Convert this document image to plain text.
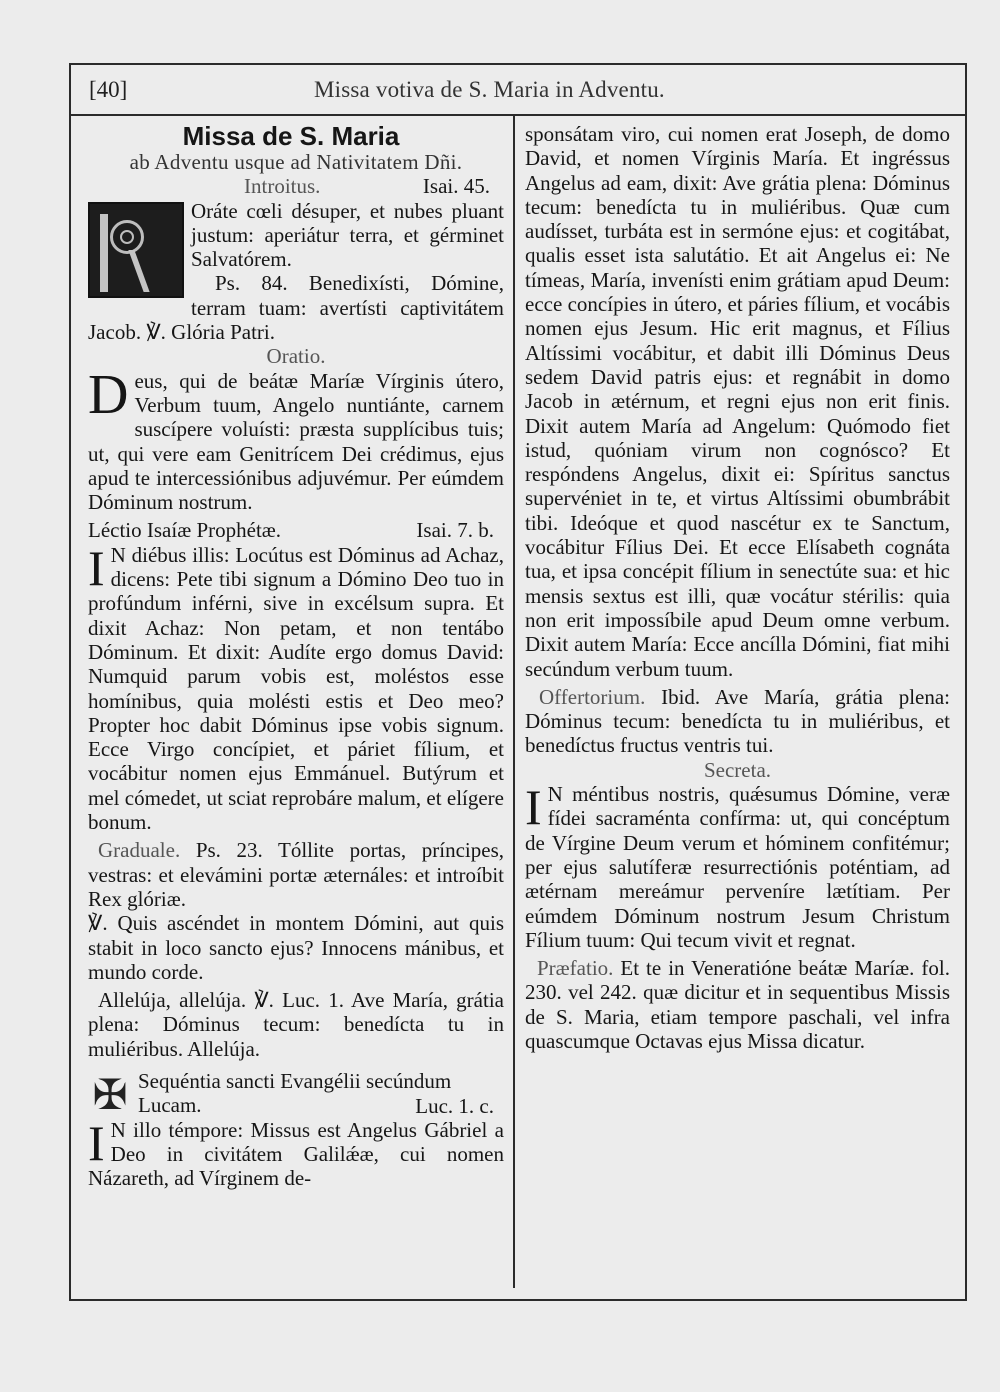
[40]	Missa votiva de S. Maria in Adventu.
Missa de S. Maria
ab Adventu usque ad Nativitatem Dñi.
Introitus.	Isai. 45.

Oráte cœli désuper, et nubes pluant justum: aperiátur terra, et gérminet Salvatórem.

Ps. 84. Benedixísti, Dómine, terram tuam: avertísti captivitátem Jacob. ℣. Glória Patri.

Oratio.
D eus, qui de beátæ Maríæ Vírginis útero, Verbum tuum, Angelo nuntiánte, carnem suscípere voluísti: præsta supplícibus tuis; ut, qui vere eam Genitrícem Dei crédimus, ejus apud te intercessiónibus adjuvémur. Per eúmdem Dóminum nostrum.

Léctio Isaíæ Prophétæ.	Isai. 7. b.
I N diébus illis: Locútus est Dóminus ad Achaz, dicens: Pete tibi signum a Dómino Deo tuo in profúndum inférni, sive in excélsum supra. Et dixit Achaz: Non petam, et non tentábo Dóminum. Et dixit: Audíte ergo domus David: Numquid parum vobis est, moléstos esse homínibus, quia molésti estis et Deo meo? Propter hoc dabit Dóminus ipse vobis signum. Ecce Virgo concípiet, et páriet fílium, et vocábitur nomen ejus Emmánuel. Butýrum et mel cómedet, ut sciat reprobáre malum, et elígere bonum.

Graduale. Ps. 23. Tóllite portas, príncipes, vestras: et elevámini portæ æternáles: et introíbit Rex glóriæ.

℣. Quis ascéndet in montem Dómini, aut quis stabit in loco sancto ejus? Innocens mánibus, et mundo corde.

Allelúja, allelúja. ℣. Luc. 1. Ave María, grátia plena: Dóminus tecum: benedícta tu in muliéribus. Allelúja.

✠ Sequéntia sancti Evangélii secúndum Lucam.	Luc. 1. c.
I N illo témpore: Missus est Angelus Gábriel a Deo in civitátem Galilǽæ, cui nomen Názareth, ad Vírginem de-

sponsátam viro, cui nomen erat Joseph, de domo David, et nomen Vírginis María. Et ingréssus Angelus ad eam, dixit: Ave grátia plena: Dóminus tecum: benedícta tu in muliéribus. Quæ cum audísset, turbáta est in sermóne ejus: et cogitábat, qualis esset ista salutátio. Et ait Angelus ei: Ne tímeas, María, invenísti enim grátiam apud Deum: ecce concípies in útero, et páries fílium, et vocábis nomen ejus Jesum. Hic erit magnus, et Fílius Altíssimi vocábitur, et dabit illi Dóminus Deus sedem David patris ejus: et regnábit in domo Jacob in ætérnum, et regni ejus non erit finis. Dixit autem María ad Angelum: Quómodo fiet istud, quóniam virum non cognósco? Et respóndens Angelus, dixit ei: Spíritus sanctus supervéniet in te, et virtus Altíssimi obumbrábit tibi. Ideóque et quod nascétur ex te Sanctum, vocábitur Fílius Dei. Et ecce Elísabeth cognáta tua, et ipsa concépit fílium in senectúte sua: et hic mensis sextus est illi, quæ vocátur stérilis: quia non erit impossíbile apud Deum omne verbum. Dixit autem María: Ecce ancílla Dómini, fiat mihi secúndum verbum tuum.

Offertorium. Ibid. Ave María, grátia plena: Dóminus tecum: benedícta tu in muliéribus, et benedíctus fructus ventris tui.

Secreta.
I N méntibus nostris, quǽsumus Dómine, veræ fídei sacraménta confírma: ut, qui concéptum de Vírgine Deum verum et hóminem confitémur; per ejus salutíferæ resurrectiónis poténtiam, ad ætérnam mereámur perveníre lætítiam. Per eúmdem Dóminum nostrum Jesum Christum Fílium tuum: Qui tecum vivit et regnat.

Præfatio. Et te in Veneratióne beátæ Maríæ. fol. 230. vel 242. quæ dicitur et in sequentibus Missis de S. Maria, etiam tempore paschali, vel infra quascumque Octavas ejus Missa dicatur.
